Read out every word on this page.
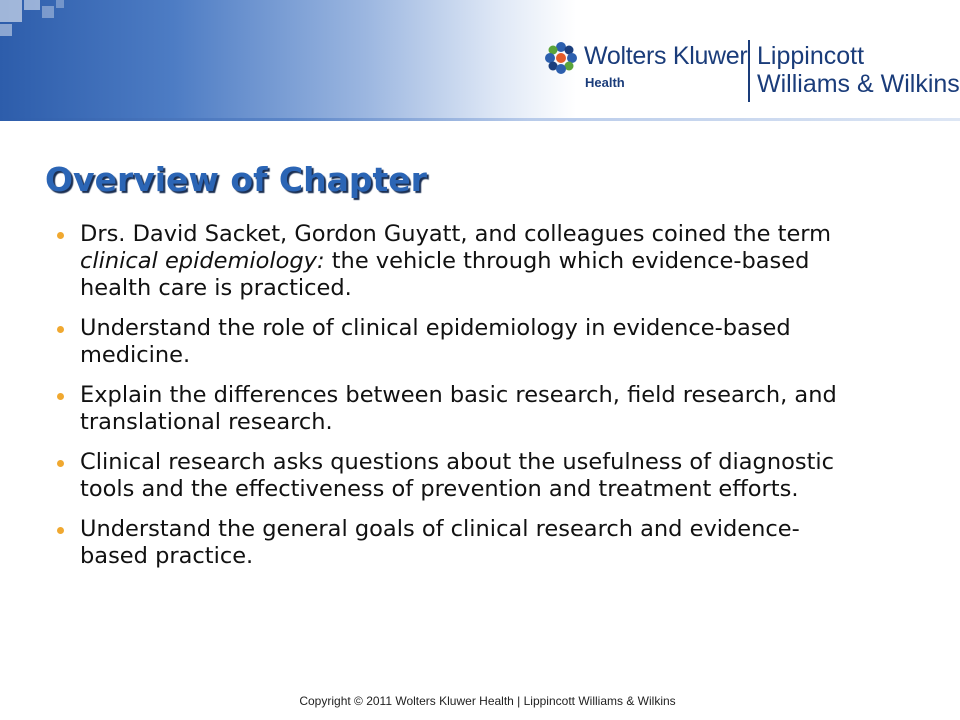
Wolters Kluwer
Health
Lippincott
Williams & Wilkins
Overview of Chapter
Drs. David Sacket, Gordon Guyatt, and colleagues coined the term clinical epidemiology: the vehicle through which evidence-based health care is practiced.
Understand the role of clinical epidemiology in evidence-based medicine.
Explain the differences between basic research, field research, and translational research.
Clinical research asks questions about the usefulness of diagnostic tools and the effectiveness of prevention and treatment efforts.
Understand the general goals of clinical research and evidence-based practice.
Copyright © 2011 Wolters Kluwer Health | Lippincott Williams & Wilkins
